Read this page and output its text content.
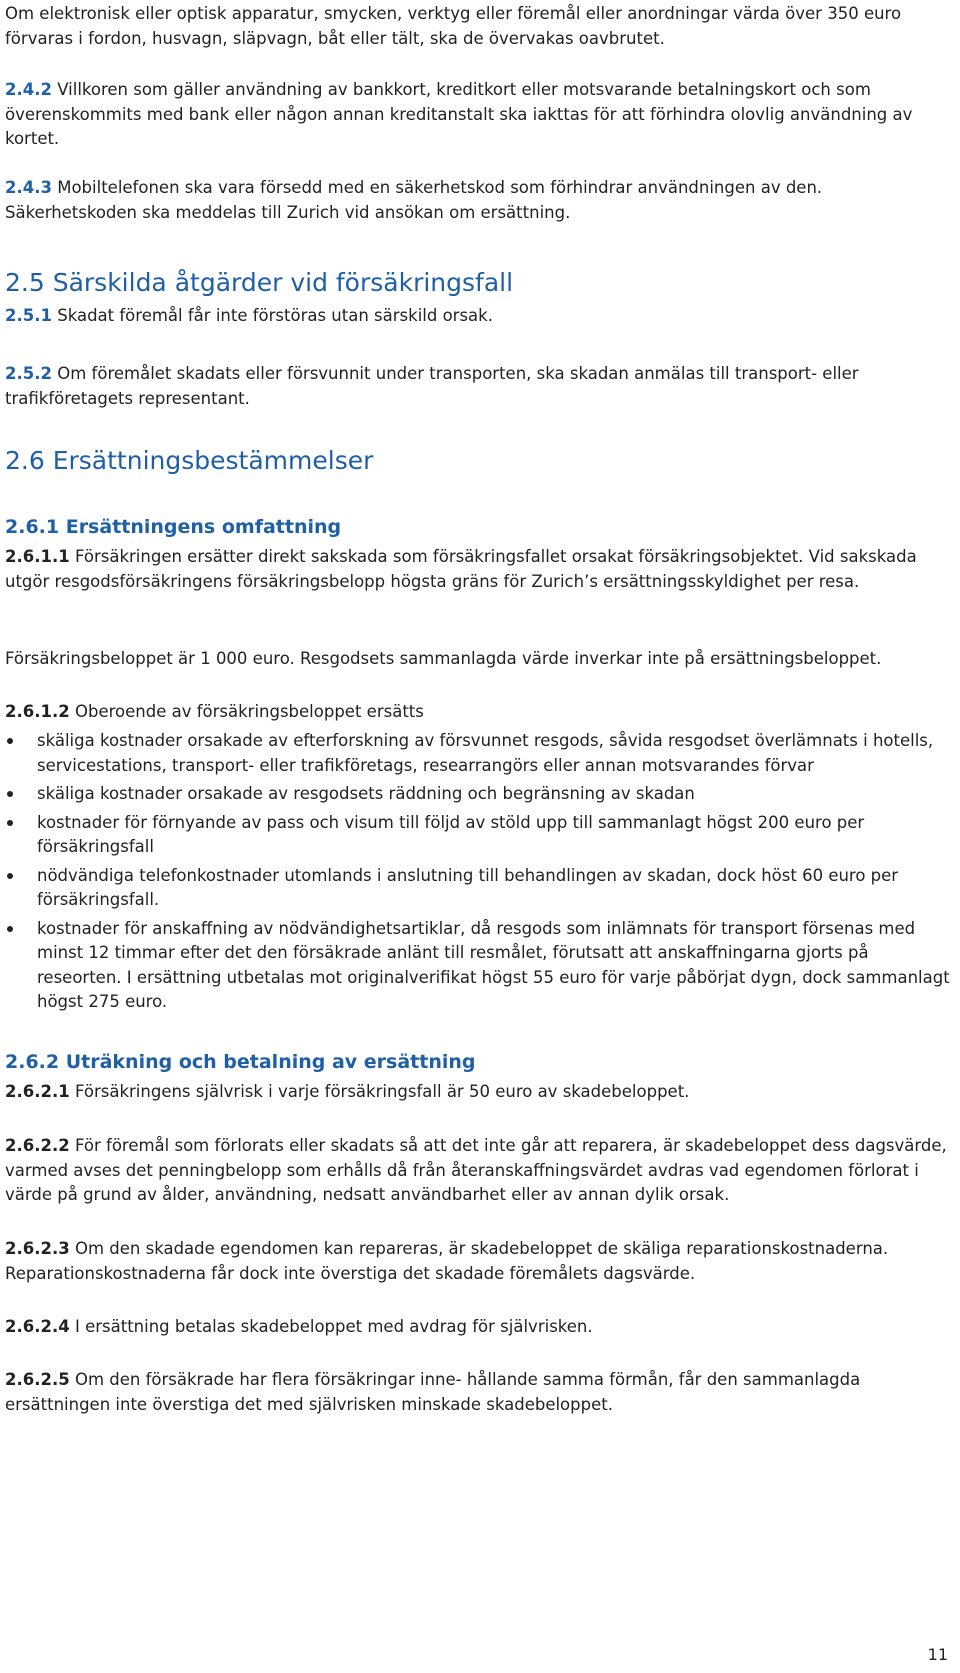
Om elektronisk eller optisk apparatur, smycken, verktyg eller föremål eller anordningar värda över 350 euro förvaras i fordon, husvagn, släpvagn, båt eller tält, ska de övervakas oavbrutet.

2.4.2 Villkoren som gäller användning av bankkort, kreditkort eller motsvarande betalningskort och som överenskommits med bank eller någon annan kreditanstalt ska iakttas för att förhindra olovlig användning av kortet.

2.4.3 Mobiltelefonen ska vara försedd med en säkerhetskod som förhindrar användningen av den. Säkerhetskoden ska meddelas till Zurich vid ansökan om ersättning.

2.5 Särskilda åtgärder vid försäkringsfall

2.5.1 Skadat föremål får inte förstöras utan särskild orsak.

2.5.2 Om föremålet skadats eller försvunnit under transporten, ska skadan anmälas till transport- eller trafikföretagets representant.

2.6 Ersättningsbestämmelser
2.6.1 Ersättningens omfattning

2.6.1.1 Försäkringen ersätter direkt sakskada som försäkringsfallet orsakat försäkringsobjektet. Vid sakskada utgör resgodsförsäkringens försäkringsbelopp högsta gräns för Zurich’s ersättningsskyldighet per resa.

Försäkringsbeloppet är 1 000 euro. Resgodsets sammanlagda värde inverkar inte på ersättningsbeloppet.

2.6.1.2 Oberoende av försäkringsbeloppet ersätts

skäliga kostnader orsakade av efterforskning av försvunnet resgods, såvida resgodset överlämnats i hotells, servicestations, transport- eller trafikföretags, researrangörs eller annan motsvarandes förvar
skäliga kostnader orsakade av resgodsets räddning och begränsning av skadan
kostnader för förnyande av pass och visum till följd av stöld upp till sammanlagt högst 200 euro per försäkringsfall
nödvändiga telefonkostnader utomlands i anslutning till behandlingen av skadan, dock höst 60 euro per försäkringsfall.
kostnader för anskaffning av nödvändighetsartiklar, då resgods som inlämnats för transport försenas med minst 12 timmar efter det den försäkrade anlänt till resmålet, förutsatt att anskaffningarna gjorts på reseorten. I ersättning utbetalas mot originalverifikat högst 55 euro för varje påbörjat dygn, dock sammanlagt högst 275 euro.
2.6.2 Uträkning och betalning av ersättning

2.6.2.1 Försäkringens självrisk i varje försäkringsfall är 50 euro av skadebeloppet.

2.6.2.2 För föremål som förlorats eller skadats så att det inte går att reparera, är skadebeloppet dess dagsvärde, varmed avses det penningbelopp som erhålls då från återanskaffningsvärdet avdras vad egendomen förlorat i värde på grund av ålder, användning, nedsatt användbarhet eller av annan dylik orsak.

2.6.2.3 Om den skadade egendomen kan repareras, är skadebeloppet de skäliga reparationskostnaderna. Reparationskostnaderna får dock inte överstiga det skadade föremålets dagsvärde.

2.6.2.4 I ersättning betalas skadebeloppet med avdrag för självrisken.

2.6.2.5 Om den försäkrade har flera försäkringar inne- hållande samma förmån, får den sammanlagda ersättningen inte överstiga det med självrisken minskade skadebeloppet.

11
